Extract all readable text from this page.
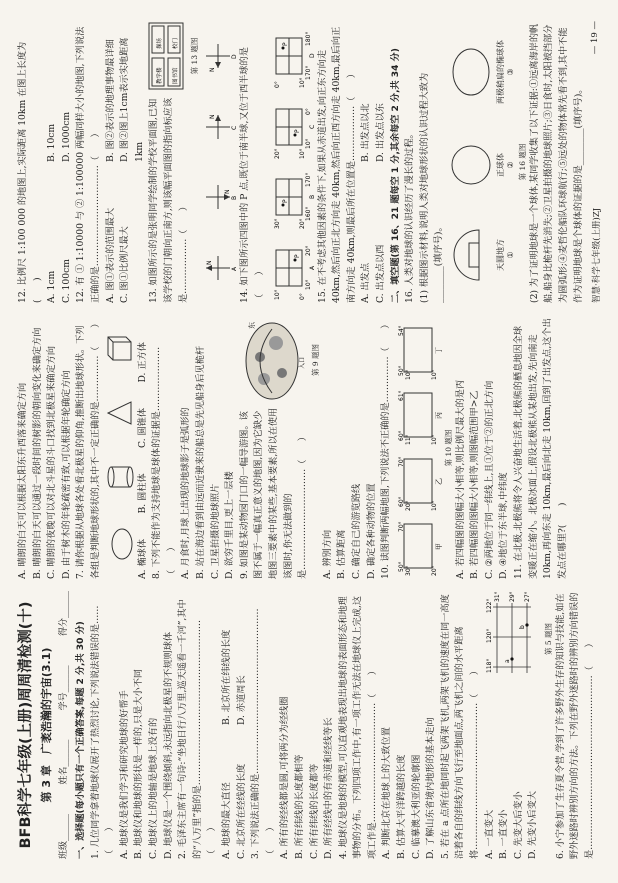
BFB科学七年级(上册)周周清检测(十) 第 3 章　广袤浩瀚的宇宙(3.1)
班级______
姓名______
学号______
得分______

一、选择题(每小题只有一个正确答案,每题 2 分,共 30 分) 1. 几位同学拿着地球仪展开了热烈讨论,下列说法错误的是……（　　） A. 地球仪是我们学习和研究地球的好帮手 B. 地球仪和地球的形状是一样的,只是大小不同 C. 地球仪上的地轴是地球上没有的 D. 地球仪是一个围绕倾斜,永远指向北极星的不规则球体 2. 毛泽东主席有一句诗:“坐地日行八万里,巡天遥看一千河”,其中的“八万里”指的是………………………………………………（　　） A. 地球的最大直径

B. 北京所在纬线的长度

C. 北京所在经线的长度

D. 赤道周长 3. 下列说法正确的是………………………………………………（　　） A. 所有的经线都是圆,可将两分为经线圈 B. 所有纬线的长度都相等 C. 所有纬线的长度都等 D. 所有经线中的有赤道和经线等长 4. 地球仪是地球的模型,可以直观地表现出地球的表面形态和地理事物的分布。下列四项工作中,有一项工作无法在地球仪上完成,这项工作是…………………………………（　　） A. 判断北京在地球上的大致位置 B. 估算大平洋跨越的长度 C. 临摹澳大利亚的轮廓图 D. 了解山东省境内地形的基本走向 5. 若在 a 点所在地同时起飞两架飞机,两架飞机的速度在同一高度沿着各自的纬线方向飞行至地面点,两飞机之间的水平距离将…………………………………………（　　） A. 一直变大 B. 一直变小 C. 先变大后变小 D. 先变小后变大

118°
120°
122°
31° 29° 27°
a
b 第 5 题图 6. 小宁参加了生存夏令营,学到了许多野外生存的知识与技能,如在野外迷路时辨别方向的方法。下列在野外迷路时的辨别方向错误的是…………………………………………………（　　）

A. 晴朗的白天可以根据太阳东升西落来确定方向 B. 晴朗的白天可以通过一段时间的树影的朝向变化来确定方向 C. 晴朗的夜晚可以对北斗星的斗口找到北极星来确定方向 D. 由于树木的年轮疏密有致,可以根据年轮确定方向 7. 请你根据从地球各处看北极星的仰角,推断出地球形状。下列各组是判断地球形状的,其中不一定正确的是……………（　　）	A. 椭球体

B. 圆柱体

C. 圆锥体

D. 正方体 8. 下列不能作为支持地球是球体的证据是…………………（　　） A. 月食时,月球上出现的地球影子是弧形的 B. 站在海边看到由远而近驶来的船总是先见船身后见桅杆 C. 卫星拍摄的地球照片 D. 欲穷千里目,更上一层楼 9. 如图是某动物园门口的一幅导游图。该图不属于一幅真正意义的地图,因为它缺少地图三要素中的某些,基本要素,所以在使用该图时,你无法做到的是……………………………（　　）

东
入口 第 9 题图

A. 辨别方向 B. 估算距离 C. 确定自己的游览路线 D. 确定各种动物的位置 10. 读图判断两幅地图,下列说法不正确的是……………（　　）	50°
70°
30°	20°
甲
60°
70°
20°	10°
乙
60°
61°
11°	10°
丙
50°
54°
10°	10°
丁
第 10 题图 A. 若四幅图的图幅大小相等,则比例尺最大的是丙 B. 若四幅图的图幅大小相等,则图幅范围甲>乙 C. ②两地位于同一纬线上,且①位于②的正北方向 D. ④地位于东半球,中纬度 11. 在北极,北极熊将令人兴奋地生活着,北极熊的栖息地因全球变暖正在缩小。北极冰面上,假设北极熊从某地出发,先向南走 10km,再向东走 10km,最后向北走 10km,回到了出发点,这个出发点在哪里?(　　)

12. 比例尺 1:100 000 的地图上,实际距离 10km 在图上长度为(　　) A. 1cm

B. 10cm

C. 100cm

D. 1000cm 12. 有 ① 1:10000 与 ② 1:100000 两幅同样大小的地图,下列说法正确的是……………………………（　　） A. 图①表示的范围最大

B. 图②表示的地理事物最详细

C. 图①比例尺最大

D. 图②图上1cm表示实地距离1km 13. 如图所示的是张明同学绘制的学校平面图,已知该学校的门朝向正南方,则该幅平面图的指向标应该是………………（　　）

教学楼
操场
图书馆
校门 第 13 题图
N
A
N
B
N
C
N
D 14. 如下图所示四图中的 P 点,既位于南半球,又位于西半球的是（　　）	10°	0°
10°
20°
P
A
30°	20°
160°
170°
P
B
20°	10°
10°
0°
P
C
0°	10°
170°
180°
P
D 15. 在不考虑其他因素的条件下,如果从赤道出发,向正东方向走 40km,然后向正北方向走 40km,然后向正西方向走 40km,最后向正南方向走 40km,则最后所在位置是………………（　　） A. 出发点

B. 出发点以北

C. 出发点以西

D. 出发点以东 二、填空题(第 16、21 题每空 1 分,其余每空 2 分,共 34 分) 16. 人类对地球的认识经历了漫长的过程。 (1) 根据图示材料,说明人类对地球形状的认识过程大致为 ________(填序号)。	天圆地方 ①
正球体 ②
两极稍扁的椭球体 ③
第 16 题图 (2) 为了证明地球是一个球体,某同学收集了以下证据:①远离海岸的帆船,船身比桅杆先消失;②卫星拍摄的地球照片;③日食时,太阳被挡部分为圆弧形;④麦哲伦船队环球航行;⑤远处的物体常先看不到,其中不能作为证明地球是个球体的证据的是________(填序号)。 智慧·科学七年级(上册)ZJ
— 19 —
